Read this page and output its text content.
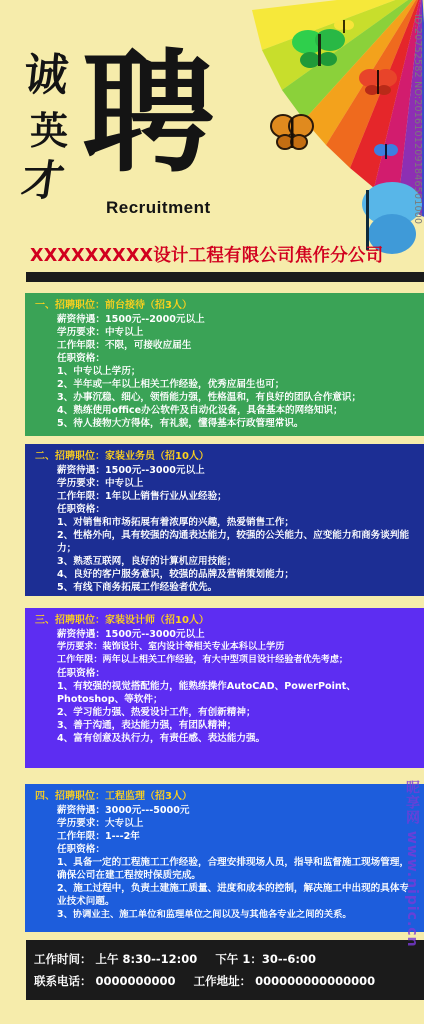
ID:20752582 NO:20161012091846501000
诚
英
才 聘
Recruitment
XXXXXXXXX设计工程有限公司焦作分公司
一、招聘职位：前台接待（招3人）
薪资待遇：1500元--2000元以上
学历要求：中专以上
工作年限：不限，可接收应届生
任职资格：
1、中专以上学历；
2、半年或一年以上相关工作经验，优秀应届生也可；
3、办事沉稳、细心，领悟能力强，性格温和，有良好的团队合作意识；
4、熟练使用office办公软件及自动化设备，具备基本的网络知识；
5、待人接物大方得体，有礼貌，懂得基本行政管理常识。
二、招聘职位：家装业务员（招10人）
薪资待遇：1500元--3000元以上
学历要求：中专以上
工作年限：1年以上销售行业从业经验；
任职资格：
1、对销售和市场拓展有着浓厚的兴趣，热爱销售工作；
2、性格外向，具有较强的沟通表达能力，较强的公关能力、应变能力和商务谈判能力；
3、熟悉互联网，良好的计算机应用技能；
4、良好的客户服务意识，较强的品牌及营销策划能力；
5、有线下商务拓展工作经验者优先。
三、招聘职位：家装设计师（招10人）
薪资待遇：1500元--3000元以上
学历要求：装饰设计、室内设计等相关专业本科以上学历
工作年限：两年以上相关工作经验，有大中型项目设计经验者优先考虑；
任职资格：
1、有较强的视觉搭配能力，能熟练操作AutoCAD、PowerPoint、Photoshop、等软件；
2、学习能力强、热爱设计工作，有创新精神；
3、善于沟通，表达能力强，有团队精神；
4、富有创意及执行力，有责任感、表达能力强。
四、招聘职位：工程监理（招3人）
薪资待遇：3000元---5000元
学历要求：大专以上
工作年限：1---2年
任职资格：
1、具备一定的工程施工工作经验，合理安排现场人员，指导和监督施工现场管理，确保公司在建工程按时保质完成。
2、施工过程中，负责土建施工质量、进度和成本的控制，解决施工中出现的具体专业技术问题。
3、协调业主、施工单位和监理单位之间以及与其他各专业之间的关系。
工作时间： 上午 8:30--12:00 下午 1：30--6:00
联系电话： 0000000000 工作地址： 000000000000000
昵享网 www.nipic.cn
